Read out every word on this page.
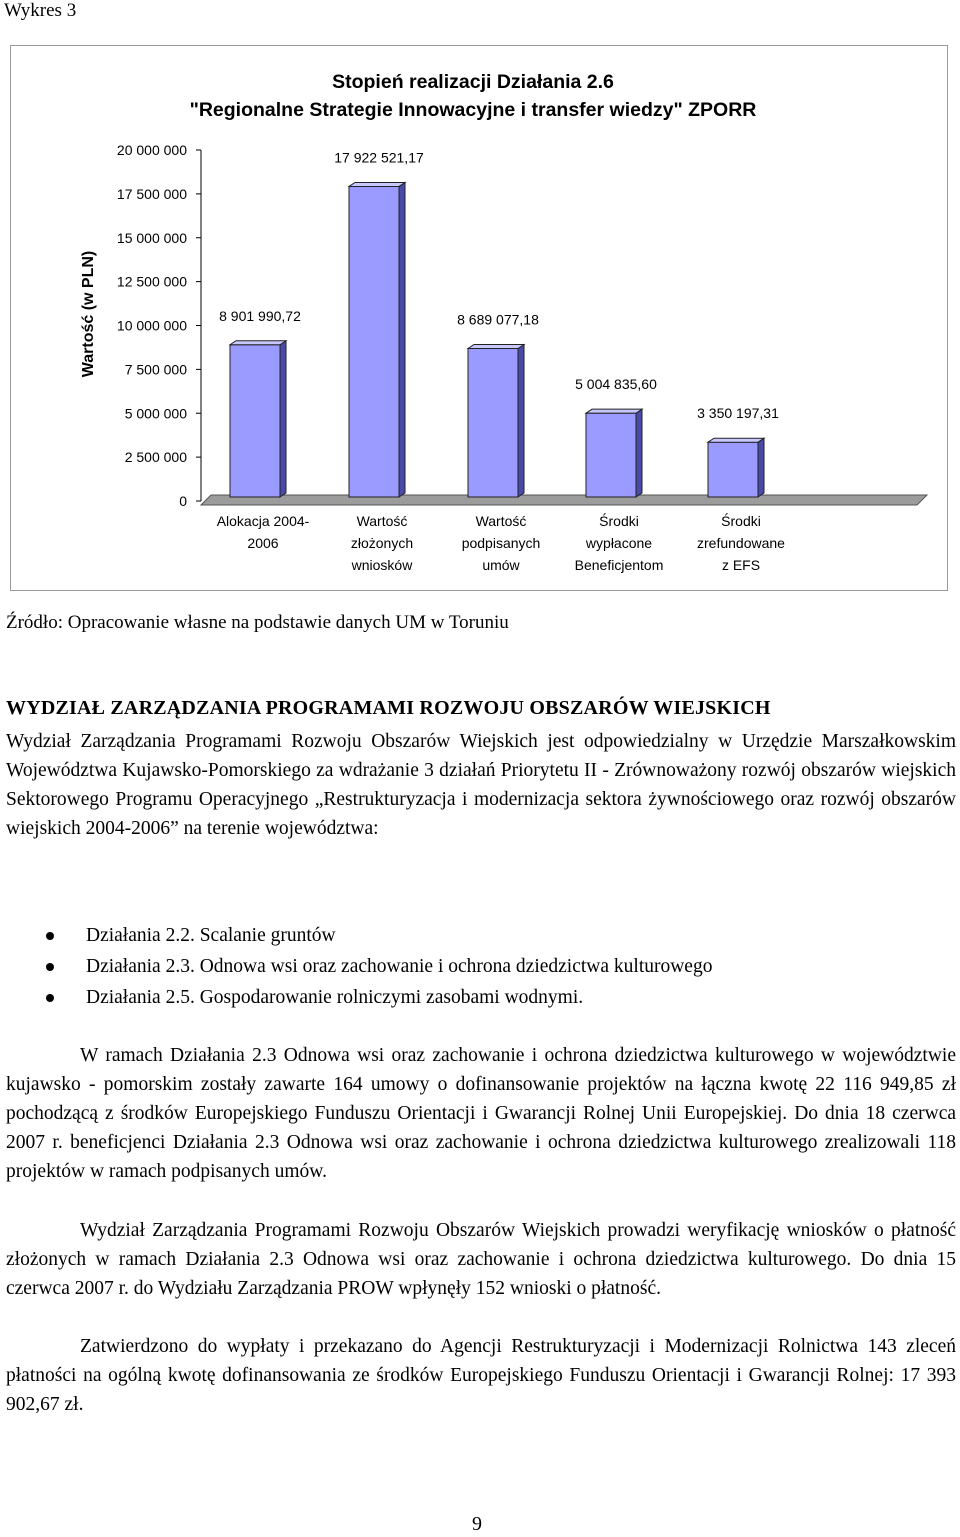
Wykres 3
Stopień realizacji Działania 2.6
"Regionalne Strategie Innowacyjne i transfer wiedzy" ZPORR
Wartość (w PLN)
0
2 500 000
5 000 000
7 500 000
10 000 000
12 500 000
15 000 000
17 500 000
20 000 000
8 901 990,72
Alokacja 2004-
2006
17 922 521,17
Wartość
złożonych
wniosków
8 689 077,18
Wartość
podpisanych
umów
5 004 835,60
Środki
wypłacone
Beneficjentom
3 350 197,31
Środki
zrefundowane
z EFS
Źródło: Opracowanie własne na podstawie danych UM w Toruniu
WYDZIAŁ ZARZĄDZANIA PROGRAMAMI ROZWOJU OBSZARÓW WIEJSKICH
Wydział Zarządzania Programami Rozwoju Obszarów Wiejskich jest odpowiedzialny w Urzędzie Marszałkowskim Województwa Kujawsko-Pomorskiego za wdrażanie 3 działań Priorytetu II - Zrównoważony rozwój obszarów wiejskich Sektorowego Programu Operacyjnego „Restrukturyzacja i modernizacja sektora żywnościowego oraz rozwój obszarów wiejskich 2004-2006” na terenie województwa:
Działania 2.2. Scalanie gruntów
Działania 2.3. Odnowa wsi oraz zachowanie i ochrona dziedzictwa kulturowego
Działania 2.5. Gospodarowanie rolniczymi zasobami wodnymi.
W ramach Działania 2.3 Odnowa wsi oraz zachowanie i ochrona dziedzictwa kulturowego w województwie kujawsko - pomorskim zostały zawarte 164 umowy o dofinansowanie projektów na łączna kwotę 22 116 949,85 zł pochodzącą z środków Europejskiego Funduszu Orientacji i Gwarancji Rolnej Unii Europejskiej. Do dnia 18 czerwca 2007 r. beneficjenci Działania 2.3 Odnowa wsi oraz zachowanie i ochrona dziedzictwa kulturowego zrealizowali 118 projektów w ramach podpisanych umów.
Wydział Zarządzania Programami Rozwoju Obszarów Wiejskich prowadzi weryfikację wniosków o płatność złożonych w ramach Działania 2.3 Odnowa wsi oraz zachowanie i ochrona dziedzictwa kulturowego. Do dnia 15 czerwca 2007 r. do Wydziału Zarządzania PROW wpłynęły 152 wnioski o płatność.
Zatwierdzono do wypłaty i przekazano do Agencji Restrukturyzacji i Modernizacji Rolnictwa 143 zleceń płatności na ogólną kwotę dofinansowania ze środków Europejskiego Funduszu Orientacji i Gwarancji Rolnej: 17 393 902,67 zł.
9
